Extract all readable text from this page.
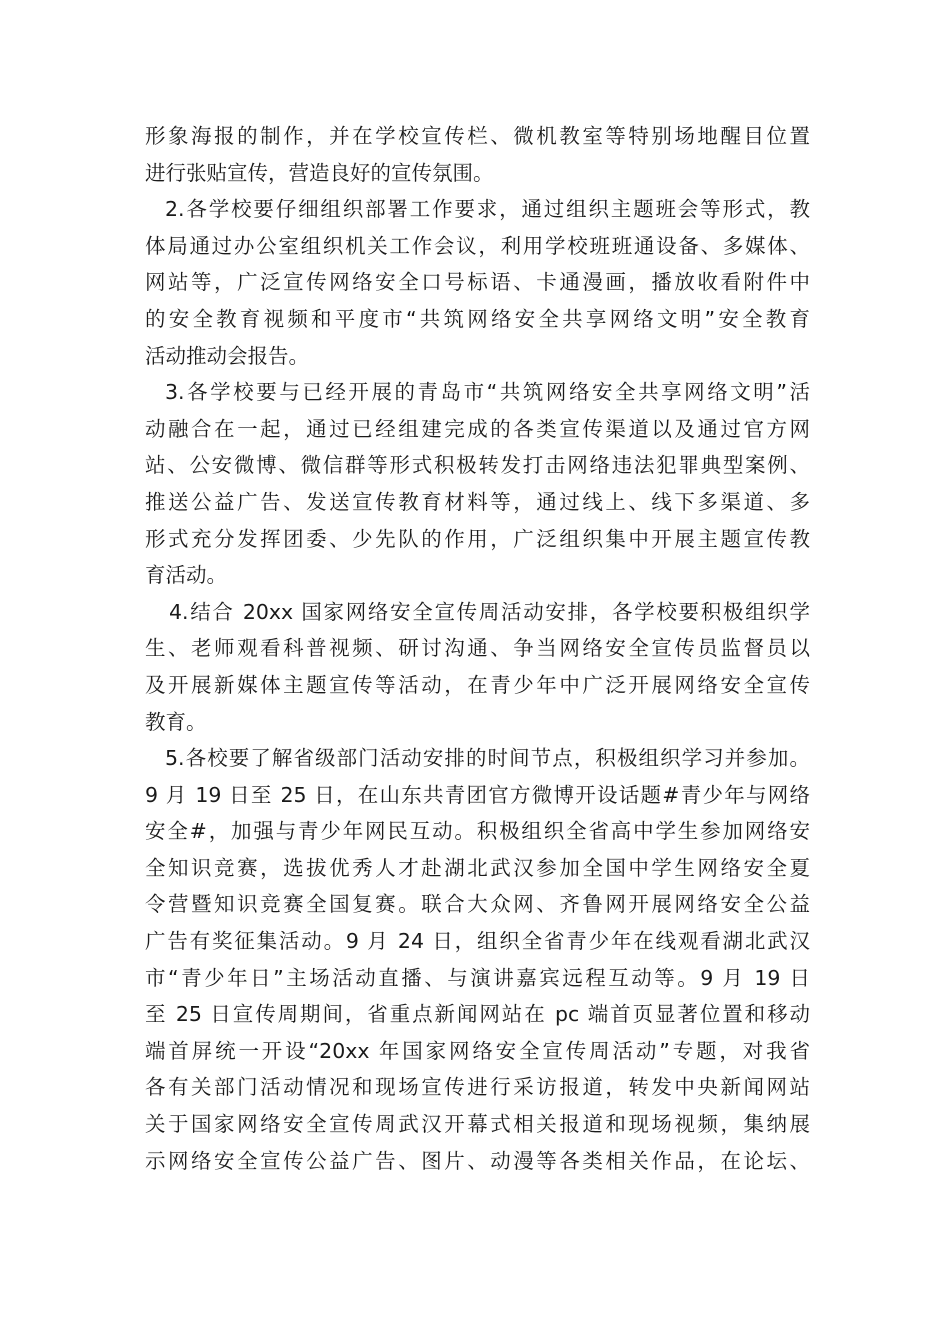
形象海报的制作，并在学校宣传栏、微机教室等特别场地醒目位置
进行张贴宣传，营造良好的宣传氛围。
2.各学校要仔细组织部署工作要求，通过组织主题班会等形式，教
体局通过办公室组织机关工作会议，利用学校班班通设备、多媒体、
网站等，广泛宣传网络安全口号标语、卡通漫画，播放收看附件中
的安全教育视频和平度市“共筑网络安全共享网络文明”安全教育
活动推动会报告。
3.各学校要与已经开展的青岛市“共筑网络安全共享网络文明”活
动融合在一起，通过已经组建完成的各类宣传渠道以及通过官方网
站、公安微博、微信群等形式积极转发打击网络违法犯罪典型案例、
推送公益广告、发送宣传教育材料等，通过线上、线下多渠道、多
形式充分发挥团委、少先队的作用，广泛组织集中开展主题宣传教
育活动。
4.结合 20xx 国家网络安全宣传周活动安排，各学校要积极组织学
生、老师观看科普视频、研讨沟通、争当网络安全宣传员监督员以
及开展新媒体主题宣传等活动，在青少年中广泛开展网络安全宣传
教育。
5.各校要了解省级部门活动安排的时间节点，积极组织学习并参加。
9 月 19 日至 25 日，在山东共青团官方微博开设话题#青少年与网络
安全#，加强与青少年网民互动。积极组织全省高中学生参加网络安
全知识竞赛，选拔优秀人才赴湖北武汉参加全国中学生网络安全夏
令营暨知识竞赛全国复赛。联合大众网、齐鲁网开展网络安全公益
广告有奖征集活动。9 月 24 日，组织全省青少年在线观看湖北武汉
市“青少年日”主场活动直播、与演讲嘉宾远程互动等。9 月 19 日
至 25 日宣传周期间，省重点新闻网站在 pc 端首页显著位置和移动
端首屏统一开设“20xx 年国家网络安全宣传周活动”专题，对我省
各有关部门活动情况和现场宣传进行采访报道，转发中央新闻网站
关于国家网络安全宣传周武汉开幕式相关报道和现场视频，集纳展
示网络安全宣传公益广告、图片、动漫等各类相关作品，在论坛、
